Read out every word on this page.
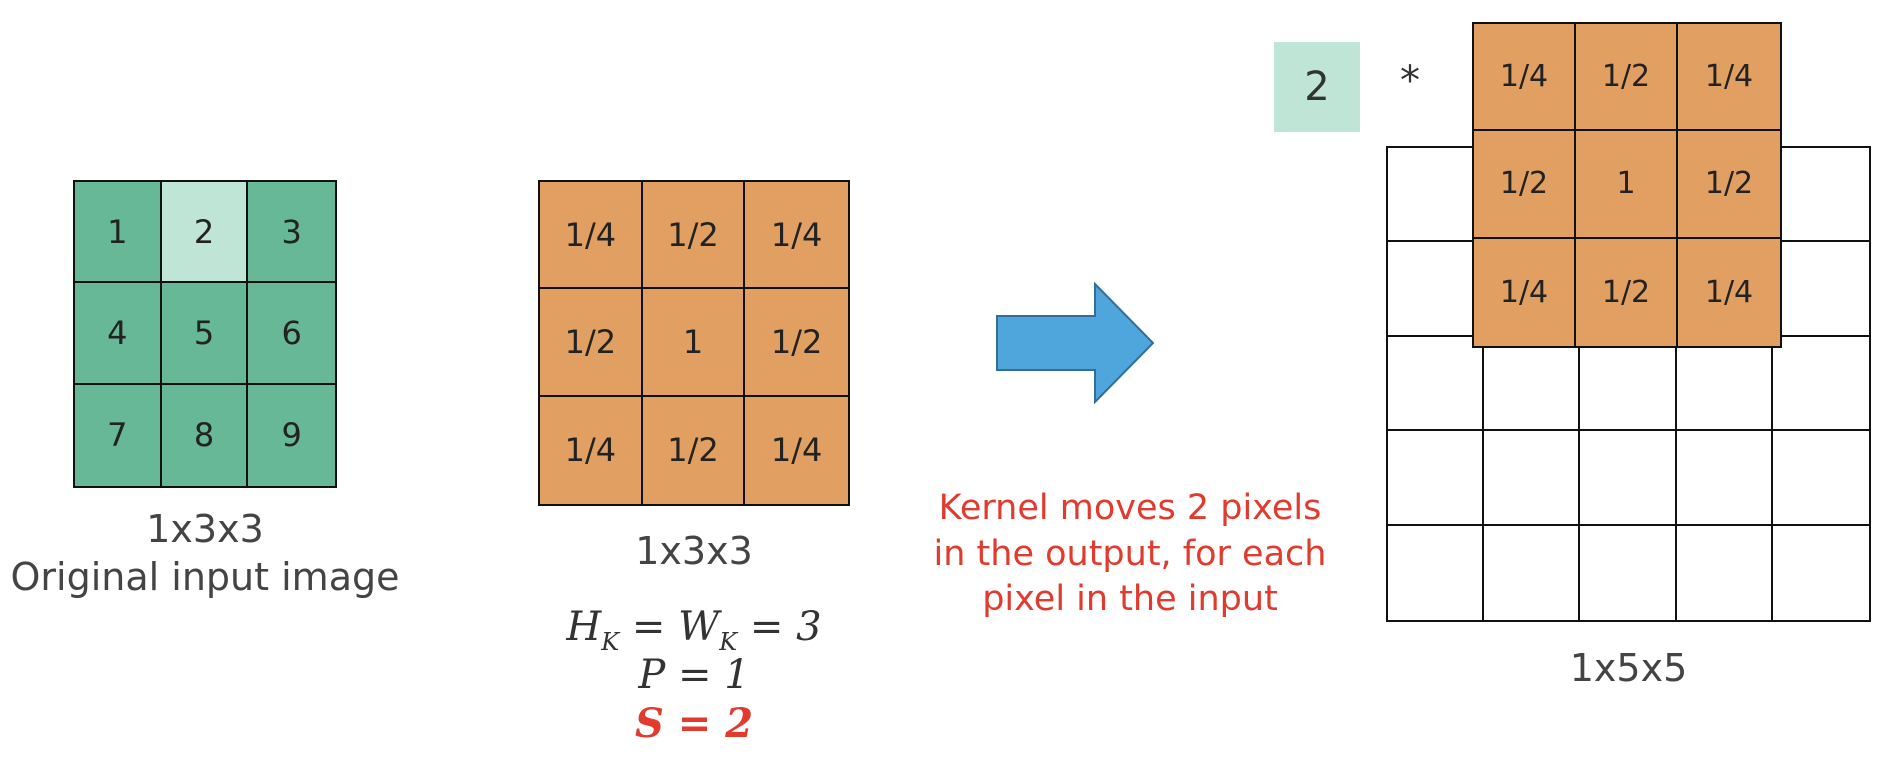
1	2	3
4	5	6
7	8	9
1x3x3
Original input image
1/4	1/2	1/4
1/2	1	1/2
1/4	1/2	1/4
1x3x3
$H_K = W_K = 3$
P = 1
S = 2
Kernel moves 2 pixels
in the output, for each
pixel in the input
2	*	1/4	1/2	1/4
1/2	1	1/2
1/4	1/2	1/4
1x5x5
